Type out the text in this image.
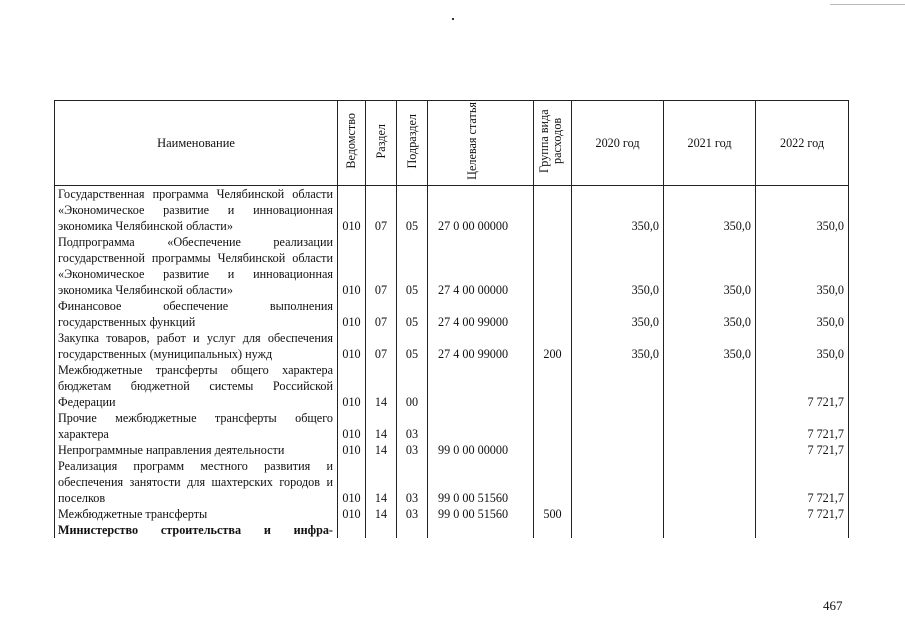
Наименование	Ведомство	Раздел	Подраздел	Целевая статья	Группа вида расходов	2020 год	2021 год	2022 год
Государственная программа Челябинской области «Экономическое развитие и инновационная экономика Челябинской области»	010	07	05	27 0 00 00000		350,0	350,0	350,0
Подпрограмма «Обеспечение реализации государственной программы Челябинской области «Экономическое развитие и инновационная экономика Челябинской области»	010	07	05	27 4 00 00000		350,0	350,0	350,0
Финансовое обеспечение выполнения государственных функций	010	07	05	27 4 00 99000		350,0	350,0	350,0
Закупка товаров, работ и услуг для обеспечения государственных (муниципальных) нужд	010	07	05	27 4 00 99000	200	350,0	350,0	350,0
Межбюджетные трансферты общего характера бюджетам бюджетной системы Российской Федерации	010	14	00					7 721,7
Прочие межбюджетные трансферты общего характера	010	14	03					7 721,7
Непрограммные направления деятельности	010	14	03	99 0 00 00000				7 721,7
Реализация программ местного развития и обеспечения занятости для шахтерских городов и поселков	010	14	03	99 0 00 51560				7 721,7
Межбюджетные трансферты	010	14	03	99 0 00 51560	500			7 721,7
Министерство строительства и инфра-								
467
